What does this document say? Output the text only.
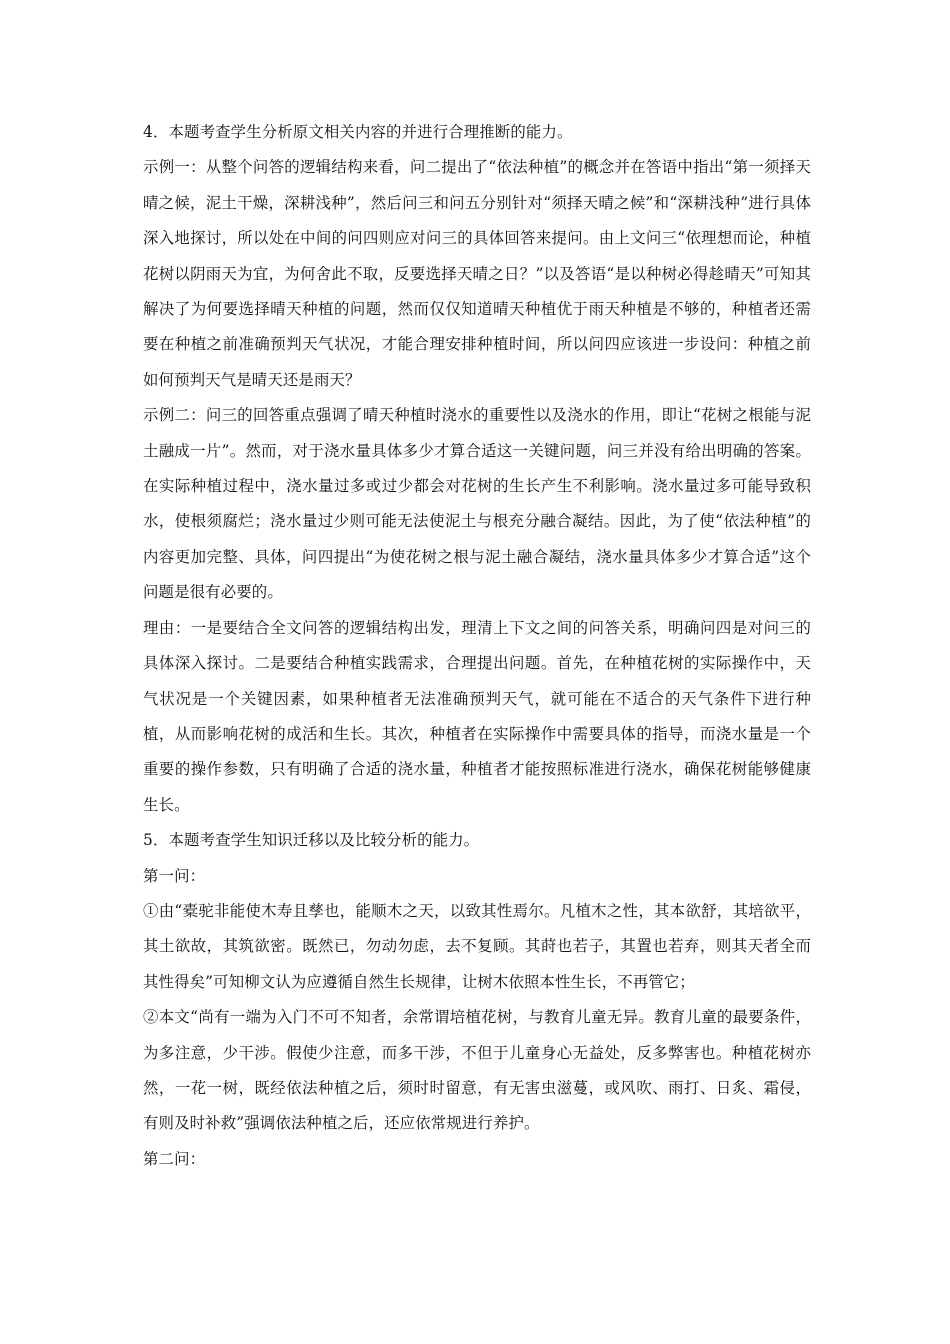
4．本题考查学生分析原文相关内容的并进行合理推断的能力。

示例一：从整个问答的逻辑结构来看，问二提出了“依法种植”的概念并在答语中指出“第一须择天晴之候，泥土干燥，深耕浅种”，然后问三和问五分别针对“须择天晴之候”和“深耕浅种”进行具体深入地探讨，所以处在中间的问四则应对问三的具体回答来提问。由上文问三“依理想而论，种植花树以阴雨天为宜，为何舍此不取，反要选择天晴之日？”以及答语“是以种树必得趁晴天”可知其解决了为何要选择晴天种植的问题，然而仅仅知道晴天种植优于雨天种植是不够的，种植者还需要在种植之前准确预判天气状况，才能合理安排种植时间，所以问四应该进一步设问：种植之前如何预判天气是晴天还是雨天？

示例二：问三的回答重点强调了晴天种植时浇水的重要性以及浇水的作用，即让“花树之根能与泥土融成一片”。然而，对于浇水量具体多少才算合适这一关键问题，问三并没有给出明确的答案。在实际种植过程中，浇水量过多或过少都会对花树的生长产生不利影响。浇水量过多可能导致积水，使根须腐烂；浇水量过少则可能无法使泥土与根充分融合凝结。因此，为了使“依法种植”的内容更加完整、具体，问四提出“为使花树之根与泥土融合凝结，浇水量具体多少才算合适”这个问题是很有必要的。

理由：一是要结合全文问答的逻辑结构出发，理清上下文之间的问答关系，明确问四是对问三的具体深入探讨。二是要结合种植实践需求，合理提出问题。首先，在种植花树的实际操作中，天气状况是一个关键因素，如果种植者无法准确预判天气，就可能在不适合的天气条件下进行种植，从而影响花树的成活和生长。其次，种植者在实际操作中需要具体的指导，而浇水量是一个重要的操作参数，只有明确了合适的浇水量，种植者才能按照标准进行浇水，确保花树能够健康生长。

5．本题考查学生知识迁移以及比较分析的能力。

第一问：

①由“橐驼非能使木寿且孳也，能顺木之天，以致其性焉尔。凡植木之性，其本欲舒，其培欲平，其土欲故，其筑欲密。既然已，勿动勿虑，去不复顾。其莳也若子，其置也若弃，则其天者全而其性得矣”可知柳文认为应遵循自然生长规律，让树木依照本性生长，不再管它；

②本文“尚有一端为入门不可不知者，余常谓培植花树，与教育儿童无异。教育儿童的最要条件，为多注意，少干涉。假使少注意，而多干涉，不但于儿童身心无益处，反多弊害也。种植花树亦然，一花一树，既经依法种植之后，须时时留意，有无害虫滋蔓，或风吹、雨打、日炙、霜侵，有则及时补救”强调依法种植之后，还应依常规进行养护。

第二问：
